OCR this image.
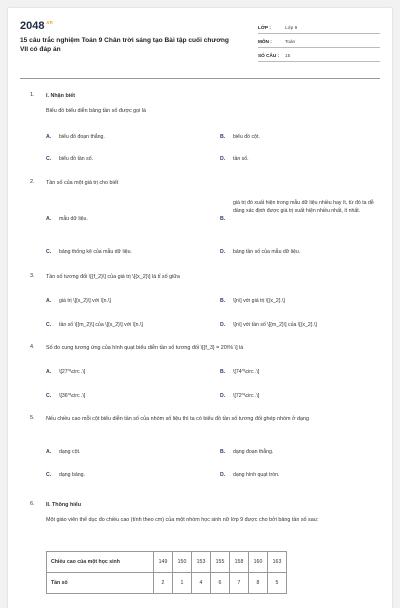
$2048^{.vn}$
15 câu trắc nghiệm Toán 9 Chân trời sáng tạo Bài tập cuối chương VII có đáp án
LỚP :	Lớp 9
MÔN :	Toán
SỐ CÂU :	15
1. I. Nhận biết
Biểu đồ biểu diễn bảng tần số được gọi là
A. biểu đồ đoạn thẳng.	B. biểu đồ cột.
C. biểu đồ tần số.	D. tần số.
2. Tần số của một giá trị cho biết
A. mẫu dữ liệu.	B.
giá trị đó xuất hiện trong mẫu dữ liệu nhiều hay ít, từ đó ta dễ dàng xác định được giá trị xuất hiện nhiều nhất, ít nhất.
C. bảng thống kê của mẫu dữ liệu.	D. bảng tần số của mẫu dữ liệu.
3. Tần số tương đối \[{f_2}\] của giá trị \[{x_2}\] là tỉ số giữa
A. giá trị \[{x_2}\] với \[n.\]	B. \[n\] với giá trị \[{x_2}.\]
C. tần số \[{m_2}\] của \[{x_2}\] với \[n.\]	D. \[n\] với tần số \[{m_2}\] của \[{x_2}.\]
4. Số đo cung tương ứng của hình quạt biểu diễn tần số tương đối \[{f_3} = 20\% \] là
A. \[27^\circ .\]	B. \[74^\circ .\]
C. \[36^\circ .\]	D. \[72^\circ .\]
5. Nếu chiều cao mỗi cột biểu diễn tần số của nhóm số liệu thì ta có biểu đồ tần số tương đối ghép nhóm ở dạng
A. dạng cột.	B. dạng đoạn thẳng.
C. dạng bảng.	D. dạng hình quạt tròn.
6. II. Thông hiểu
Một giáo viên thể dục đo chiều cao (tính theo cm) của một nhóm học sinh nữ lớp 9 được cho bởi bảng tần số sau:
Chiều cao của một học sinh	149	150	153	155	158	160	163
Tần số	2	1	4	6	7	8	5
